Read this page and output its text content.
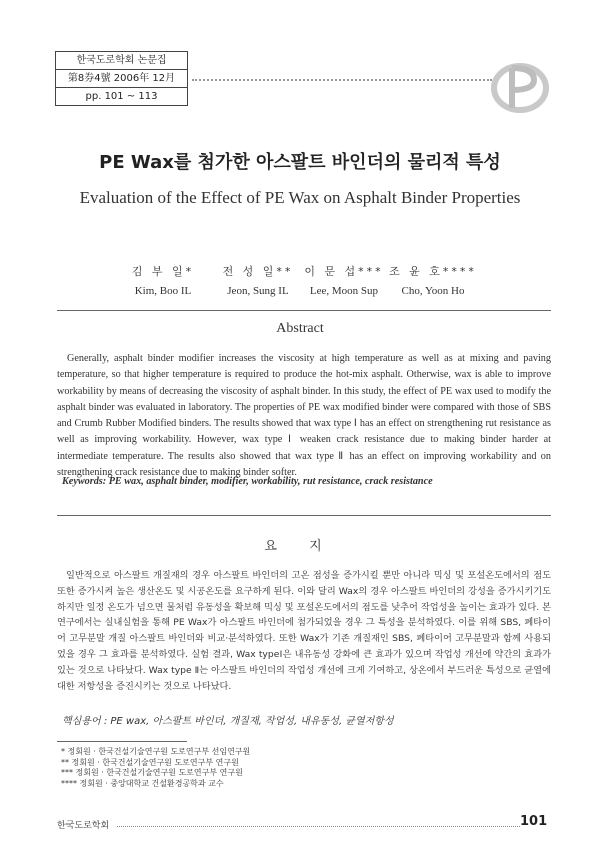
한국도로학회 논문집
第8券4號 2006年 12月
pp. 101 ~ 113
PE Wax를 첨가한 아스팔트 바인더의 물리적 특성
Evaluation of the Effect of PE Wax on Asphalt Binder Properties
김 부 일*
Kim, Boo IL
전 성 일**
Jeon, Sung IL
이 문 섭***
Lee, Moon Sup
조 윤 호****
Cho, Yoon Ho
Abstract
Generally, asphalt binder modifier increases the viscosity at high temperature as well as at mixing and paving temperature, so that higher temperature is required to produce the hot-mix asphalt. Otherwise, wax is able to improve workability by means of decreasing the viscosity of asphalt binder. In this study, the effect of PE wax used to modify the asphalt binder was evaluated in laboratory. The properties of PE wax modified binder were compared with those of SBS and Crumb Rubber Modified binders. The results showed that wax type Ⅰ has an effect on strengthening rut resistance as well as improving workability. However, wax type Ⅰ weaken crack resistance due to making binder harder at intermediate temperature. The results also showed that wax type Ⅱ has an effect on improving workability and on strengthening crack resistance due to making binder softer.
Keywords: PE wax, asphalt binder, modifier, workability, rut resistance, crack resistance
요 지
일반적으로 아스팔트 개질재의 경우 아스팔트 바인더의 고온 점성을 증가시킬 뿐만 아니라 믹싱 및 포설온도에서의 점도 또한 증가시켜 높은 생산온도 및 시공온도를 요구하게 된다. 이와 달리 Wax의 경우 아스팔트 바인더의 강성을 증가시키기도 하지만 일정 온도가 넘으면 물처럼 유동성을 확보해 믹싱 및 포설온도에서의 점도를 낮추어 작업성을 높이는 효과가 있다. 본 연구에서는 실내실험을 통해 PE Wax가 아스팔트 바인더에 첨가되었을 경우 그 특성을 분석하였다. 이를 위해 SBS, 폐타이어 고무분말 개질 아스팔트 바인더와 비교·분석하였다. 또한 Wax가 기존 개질재인 SBS, 폐타이어 고무분말과 함께 사용되었을 경우 그 효과를 분석하였다. 실험 결과, Wax typeⅠ은 내유동성 강화에 큰 효과가 있으며 작업성 개선에 약간의 효과가 있는 것으로 나타났다. Wax type Ⅱ는 아스팔트 바인더의 작업성 개선에 크게 기여하고, 상온에서 부드러운 특성으로 균열에 대한 저항성을 증진시키는 것으로 나타났다.
핵심용어 : PE wax, 아스팔트 바인더, 개질재, 작업성, 내유동성, 균열저항성
* 정회원 · 한국건설기술연구원 도로연구부 선임연구원
** 정회원 · 한국건설기술연구원 도로연구부 연구원
*** 정회원 · 한국건설기술연구원 도로연구부 연구원
**** 정회원 · 중앙대학교 건설환경공학과 교수
한국도로학회	101
